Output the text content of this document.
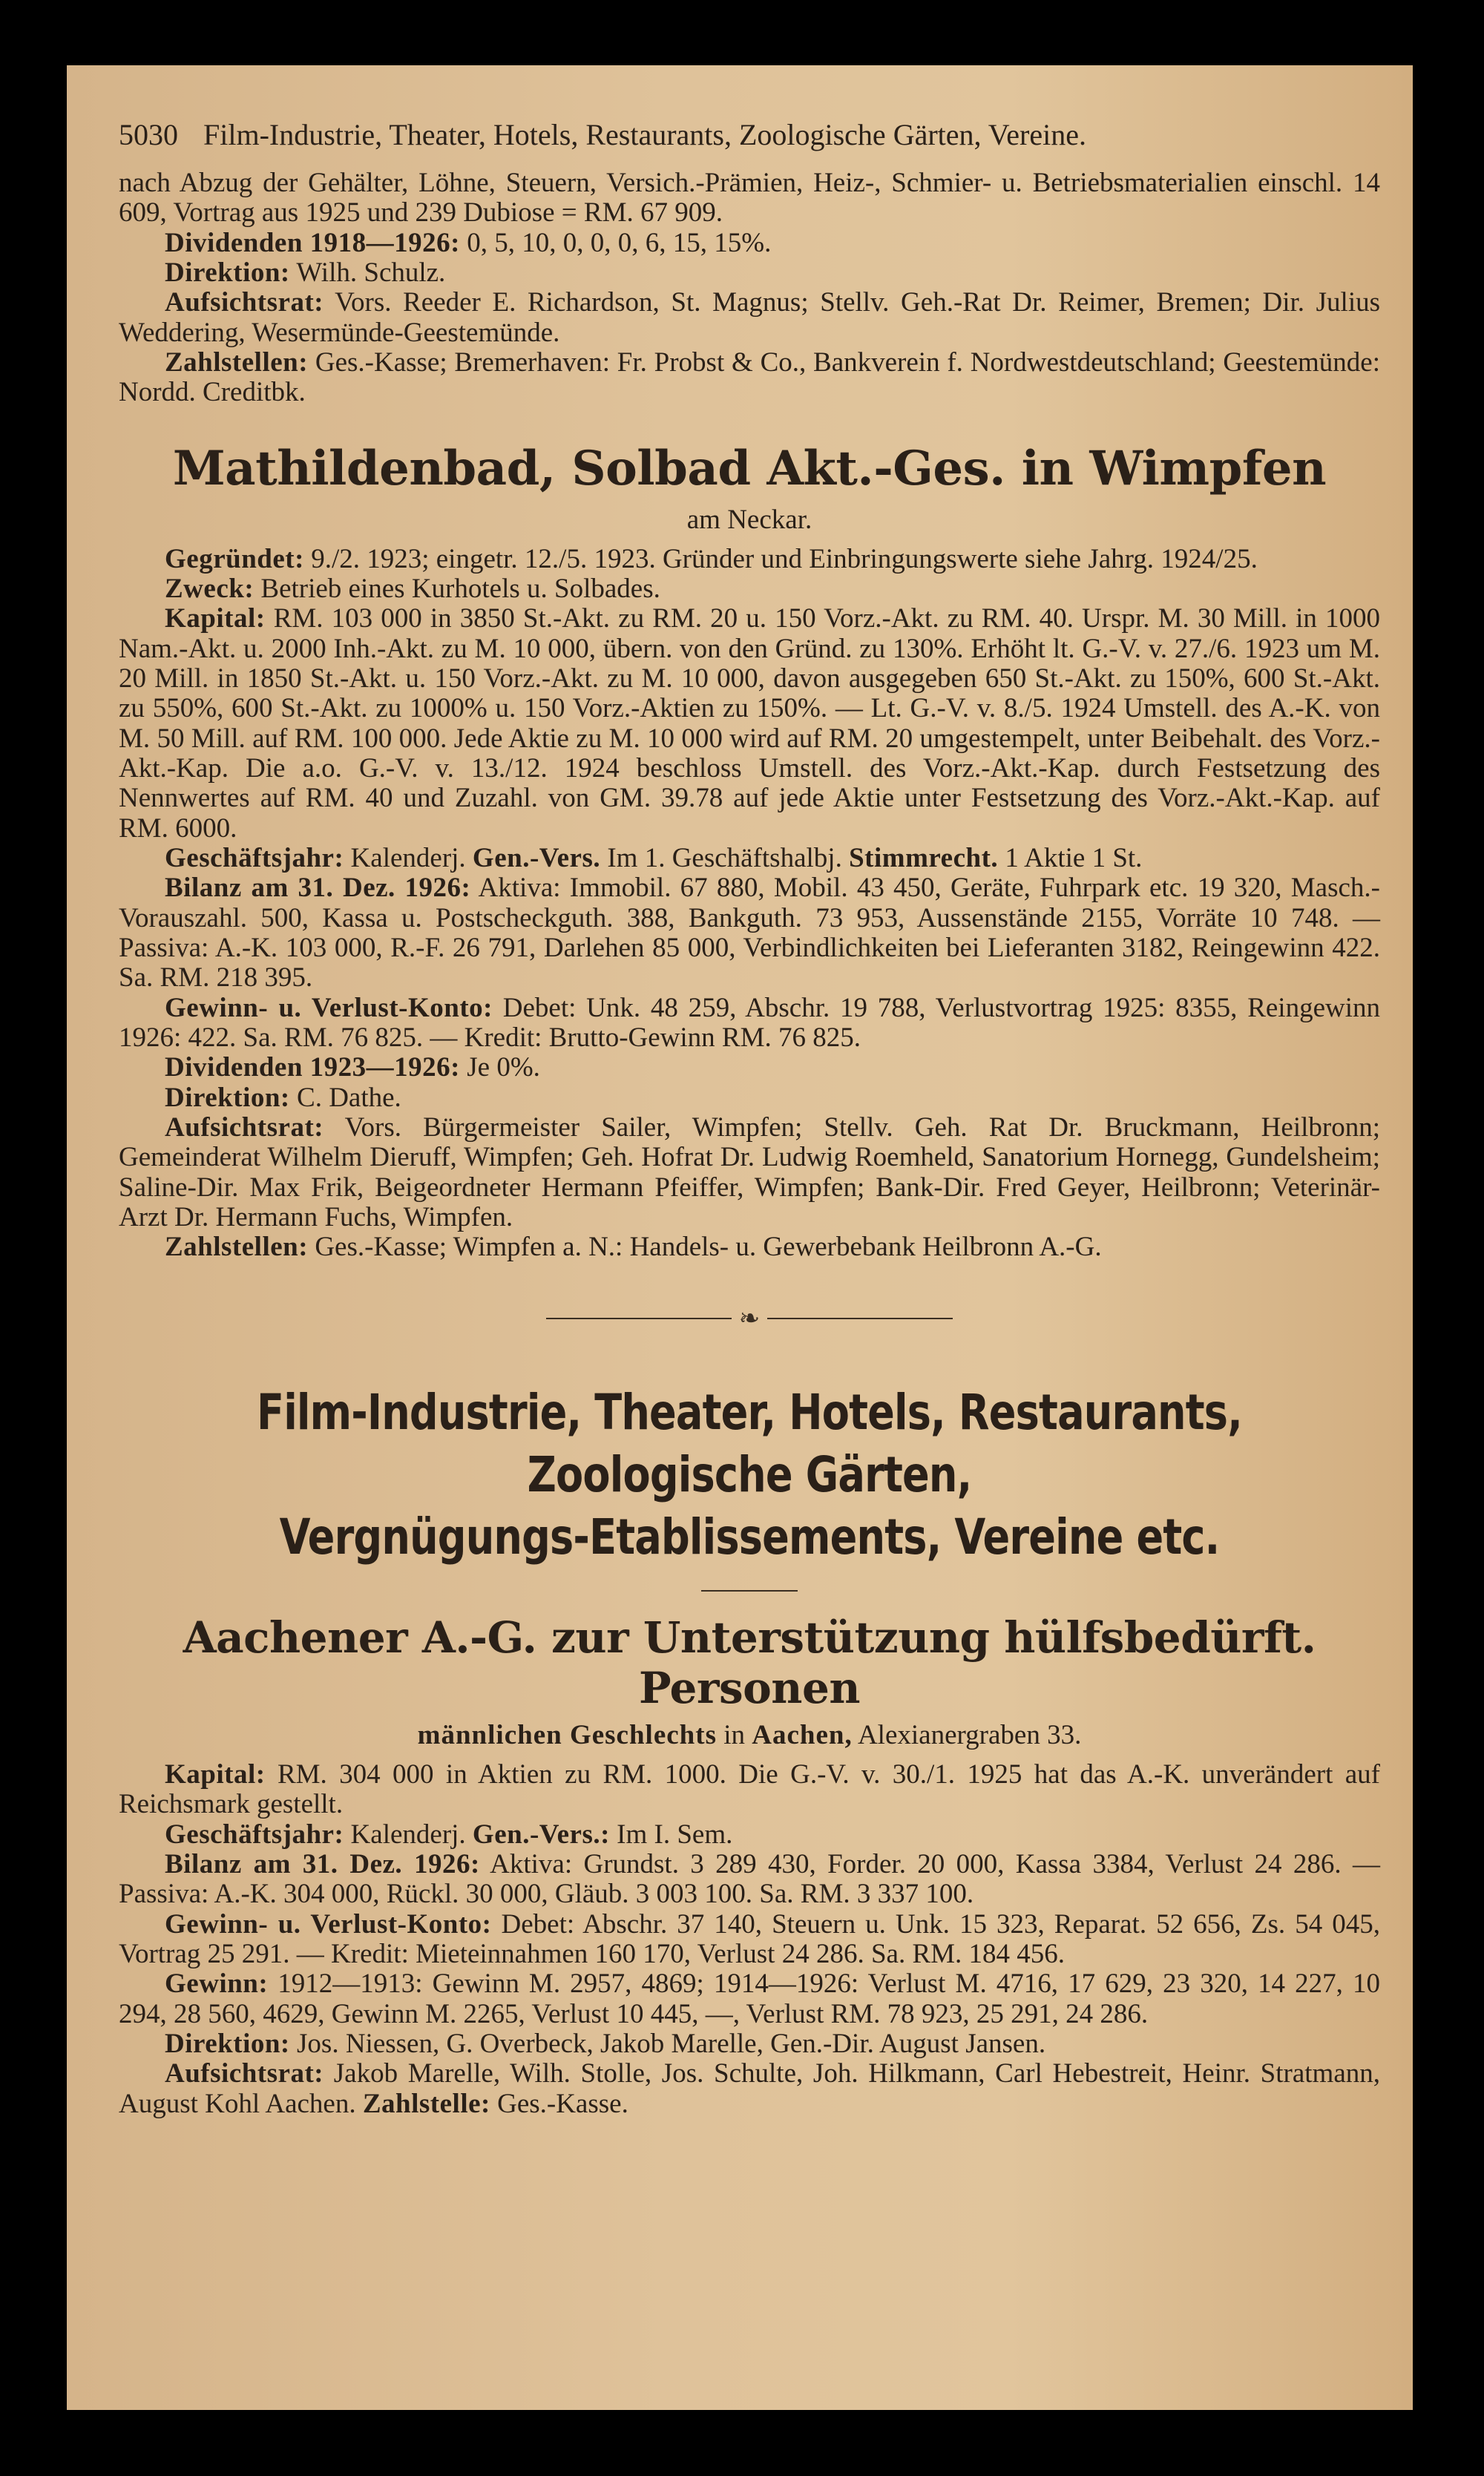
5030 Film-Industrie, Theater, Hotels, Restaurants, Zoologische Gärten, Vereine.

nach Abzug der Gehälter, Löhne, Steuern, Versich.-Prämien, Heiz-, Schmier- u. Betriebsmaterialien einschl. 14 609, Vortrag aus 1925 und 239 Dubiose = RM. 67 909.

Dividenden 1918—1926: 0, 5, 10, 0, 0, 0, 6, 15, 15%.

Direktion: Wilh. Schulz.

Aufsichtsrat: Vors. Reeder E. Richardson, St. Magnus; Stellv. Geh.-Rat Dr. Reimer, Bremen; Dir. Julius Weddering, Wesermünde-Geestemünde.

Zahlstellen: Ges.-Kasse; Bremerhaven: Fr. Probst & Co., Bankverein f. Nordwestdeutschland; Geestemünde: Nordd. Creditbk.

Mathildenbad, Solbad Akt.-Ges. in Wimpfen
am Neckar.

Gegründet: 9./2. 1923; eingetr. 12./5. 1923. Gründer und Einbringungswerte siehe Jahrg. 1924/25.

Zweck: Betrieb eines Kurhotels u. Solbades.

Kapital: RM. 103 000 in 3850 St.-Akt. zu RM. 20 u. 150 Vorz.-Akt. zu RM. 40. Urspr. M. 30 Mill. in 1000 Nam.-Akt. u. 2000 Inh.-Akt. zu M. 10 000, übern. von den Gründ. zu 130%. Erhöht lt. G.-V. v. 27./6. 1923 um M. 20 Mill. in 1850 St.-Akt. u. 150 Vorz.-Akt. zu M. 10 000, davon ausgegeben 650 St.-Akt. zu 150%, 600 St.-Akt. zu 550%, 600 St.-Akt. zu 1000% u. 150 Vorz.-Aktien zu 150%. — Lt. G.-V. v. 8./5. 1924 Umstell. des A.-K. von M. 50 Mill. auf RM. 100 000. Jede Aktie zu M. 10 000 wird auf RM. 20 umgestempelt, unter Beibehalt. des Vorz.-Akt.-Kap. Die a.o. G.-V. v. 13./12. 1924 beschloss Umstell. des Vorz.-Akt.-Kap. durch Festsetzung des Nennwertes auf RM. 40 und Zuzahl. von GM. 39.78 auf jede Aktie unter Festsetzung des Vorz.-Akt.-Kap. auf RM. 6000.

Geschäftsjahr: Kalenderj. Gen.-Vers. Im 1. Geschäftshalbj. Stimmrecht. 1 Aktie 1 St.

Bilanz am 31. Dez. 1926: Aktiva: Immobil. 67 880, Mobil. 43 450, Geräte, Fuhrpark etc. 19 320, Masch.-Vorauszahl. 500, Kassa u. Postscheckguth. 388, Bankguth. 73 953, Aussenstände 2155, Vorräte 10 748. — Passiva: A.-K. 103 000, R.-F. 26 791, Darlehen 85 000, Verbindlichkeiten bei Lieferanten 3182, Reingewinn 422. Sa. RM. 218 395.

Gewinn- u. Verlust-Konto: Debet: Unk. 48 259, Abschr. 19 788, Verlustvortrag 1925: 8355, Reingewinn 1926: 422. Sa. RM. 76 825. — Kredit: Brutto-Gewinn RM. 76 825.

Dividenden 1923—1926: Je 0%.

Direktion: C. Dathe.

Aufsichtsrat: Vors. Bürgermeister Sailer, Wimpfen; Stellv. Geh. Rat Dr. Bruckmann, Heilbronn; Gemeinderat Wilhelm Dieruff, Wimpfen; Geh. Hofrat Dr. Ludwig Roemheld, Sanatorium Hornegg, Gundelsheim; Saline-Dir. Max Frik, Beigeordneter Hermann Pfeiffer, Wimpfen; Bank-Dir. Fred Geyer, Heilbronn; Veterinär-Arzt Dr. Hermann Fuchs, Wimpfen.

Zahlstellen: Ges.-Kasse; Wimpfen a. N.: Handels- u. Gewerbebank Heilbronn A.-G.

❧
Film-Industrie, Theater, Hotels, Restaurants, Zoologische Gärten,
Vergnügungs-Etablissements, Vereine etc.
Aachener A.-G. zur Unterstützung hülfsbedürft. Personen
männlichen Geschlechts in Aachen, Alexianergraben 33.

Kapital: RM. 304 000 in Aktien zu RM. 1000. Die G.-V. v. 30./1. 1925 hat das A.-K. unverändert auf Reichsmark gestellt.

Geschäftsjahr: Kalenderj. Gen.-Vers.: Im I. Sem.

Bilanz am 31. Dez. 1926: Aktiva: Grundst. 3 289 430, Forder. 20 000, Kassa 3384, Verlust 24 286. — Passiva: A.-K. 304 000, Rückl. 30 000, Gläub. 3 003 100. Sa. RM. 3 337 100.

Gewinn- u. Verlust-Konto: Debet: Abschr. 37 140, Steuern u. Unk. 15 323, Reparat. 52 656, Zs. 54 045, Vortrag 25 291. — Kredit: Mieteinnahmen 160 170, Verlust 24 286. Sa. RM. 184 456.

Gewinn: 1912—1913: Gewinn M. 2957, 4869; 1914—1926: Verlust M. 4716, 17 629, 23 320, 14 227, 10 294, 28 560, 4629, Gewinn M. 2265, Verlust 10 445, —, Verlust RM. 78 923, 25 291, 24 286.

Direktion: Jos. Niessen, G. Overbeck, Jakob Marelle, Gen.-Dir. August Jansen.

Aufsichtsrat: Jakob Marelle, Wilh. Stolle, Jos. Schulte, Joh. Hilkmann, Carl Hebestreit, Heinr. Stratmann, August Kohl Aachen. Zahlstelle: Ges.-Kasse.
